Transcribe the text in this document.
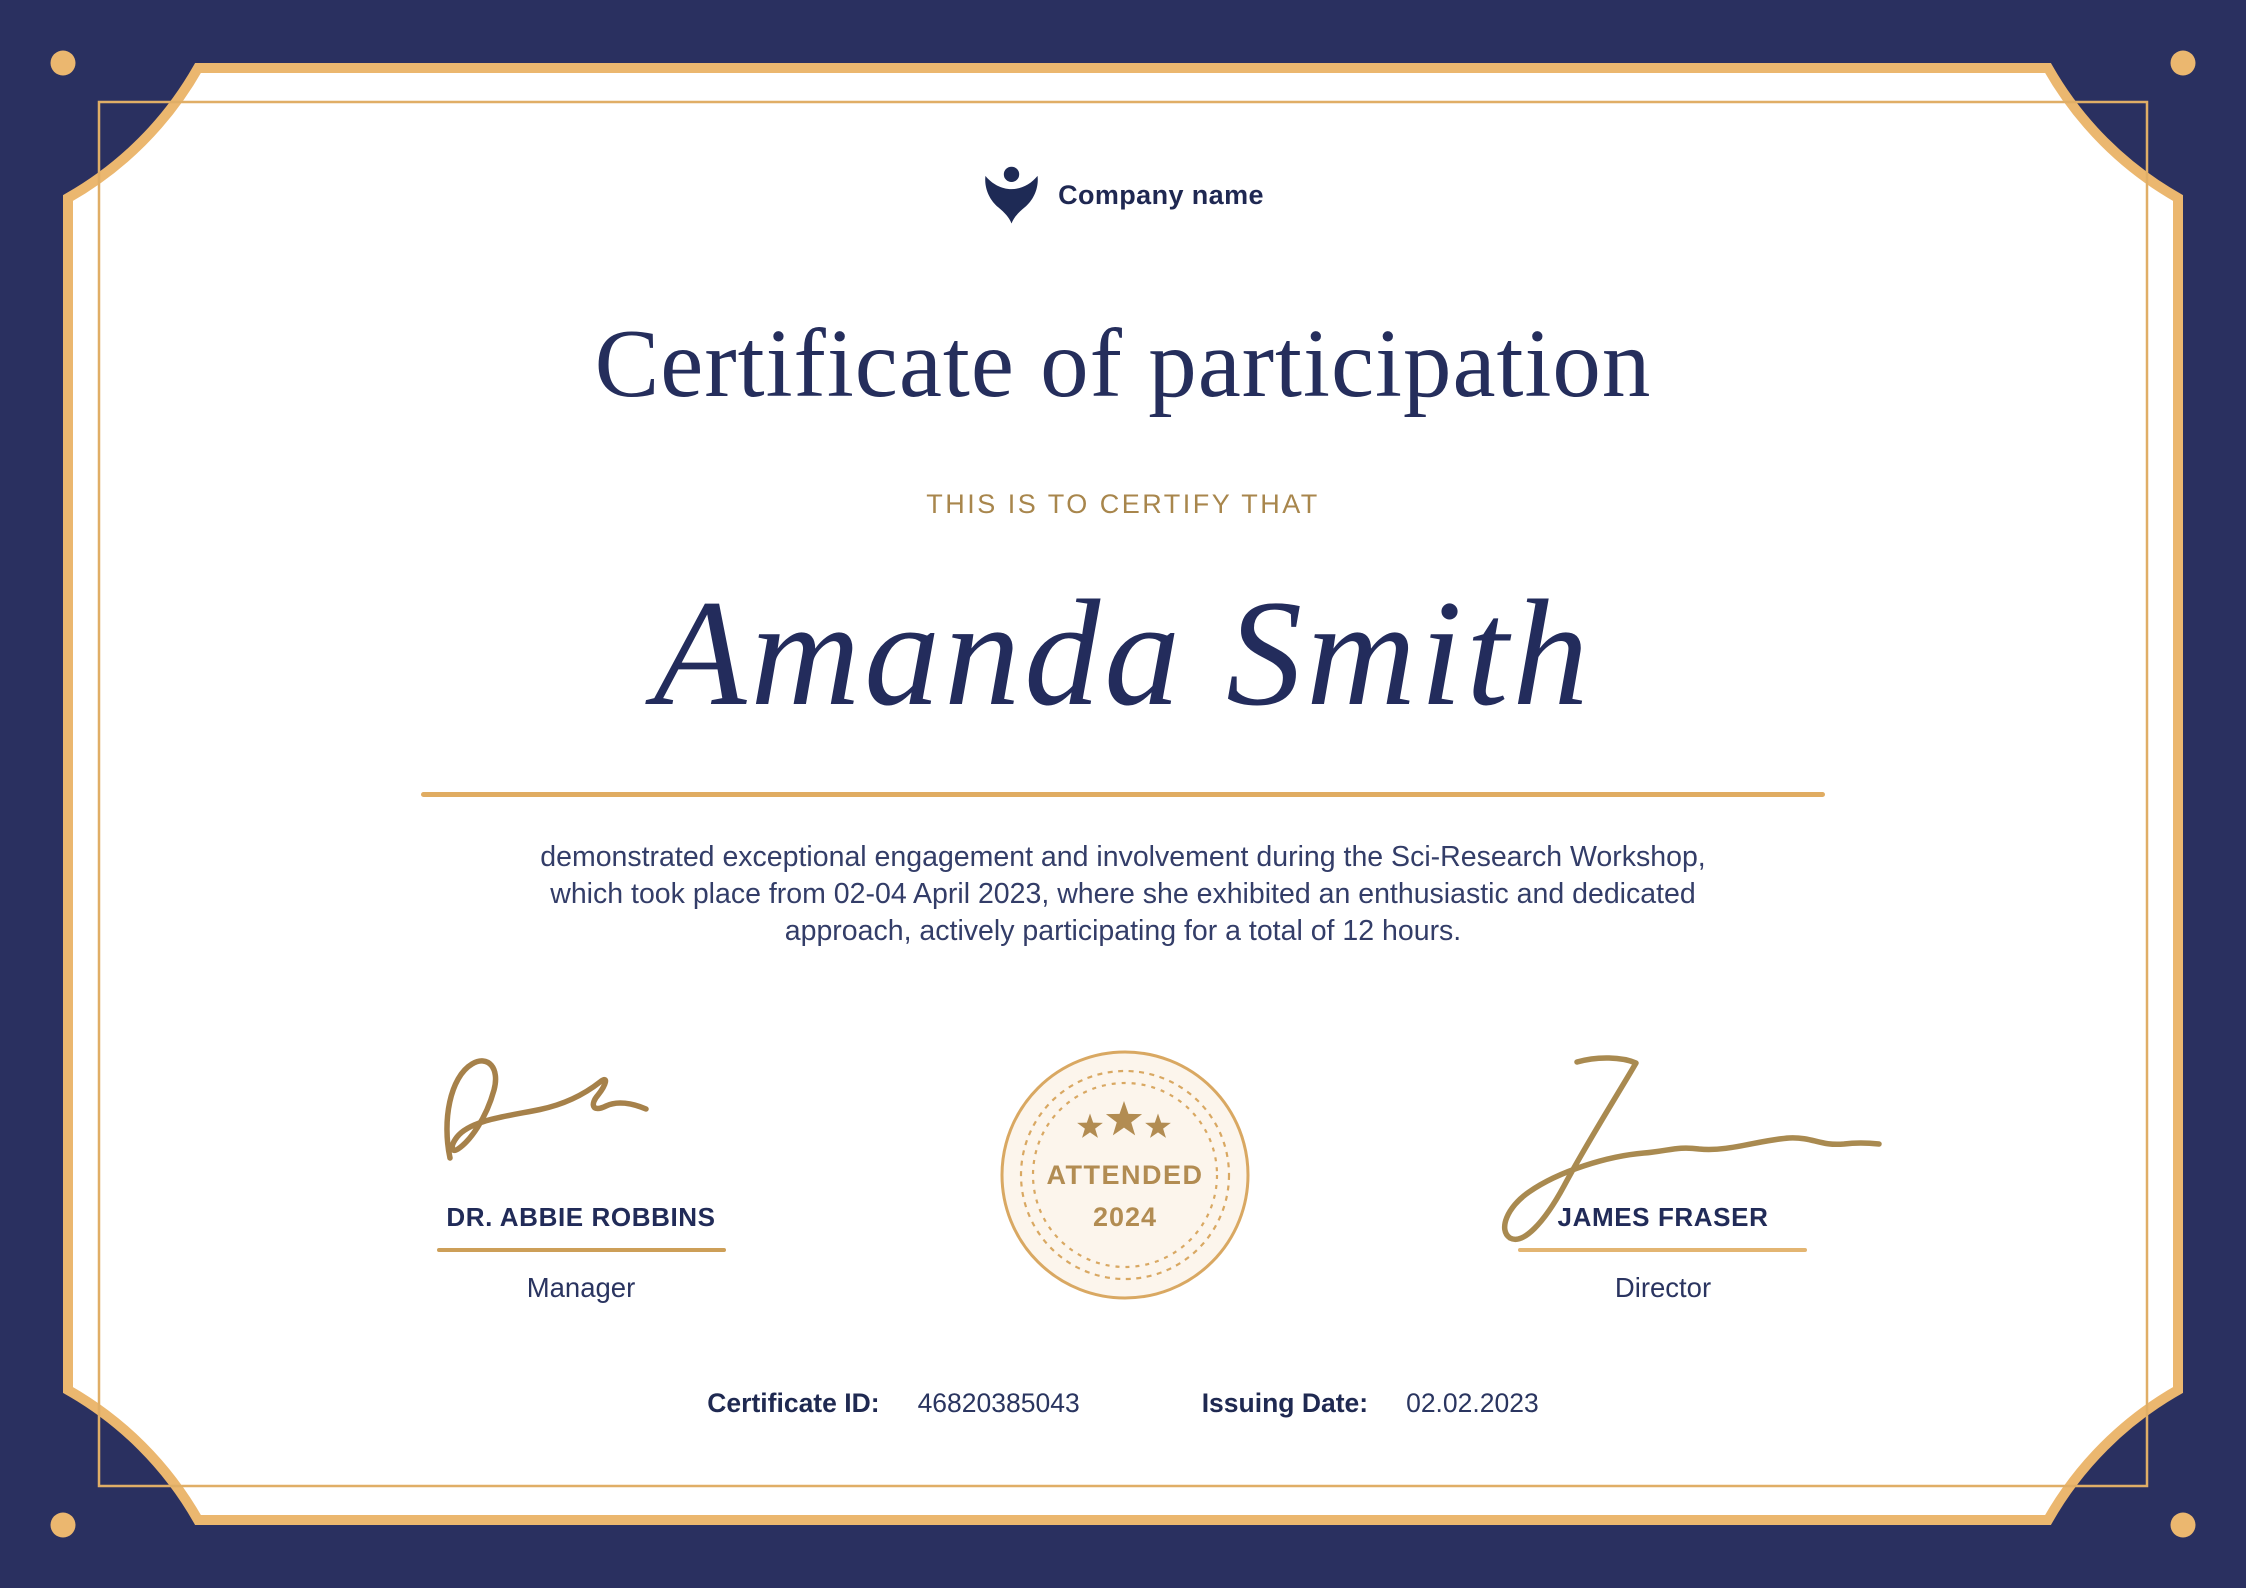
Company name
Certificate of participation
THIS IS TO CERTIFY THAT
Amanda Smith
demonstrated exceptional engagement and involvement during the Sci-Research Workshop,
which took place from 02-04 April 2023, where she exhibited an enthusiastic and dedicated
approach, actively participating for a total of 12 hours.
DR. ABBIE ROBBINS
Manager
ATTENDED
2024	JAMES FRASER
Director
Certificate ID: 46820385043	Issuing Date: 02.02.2023
